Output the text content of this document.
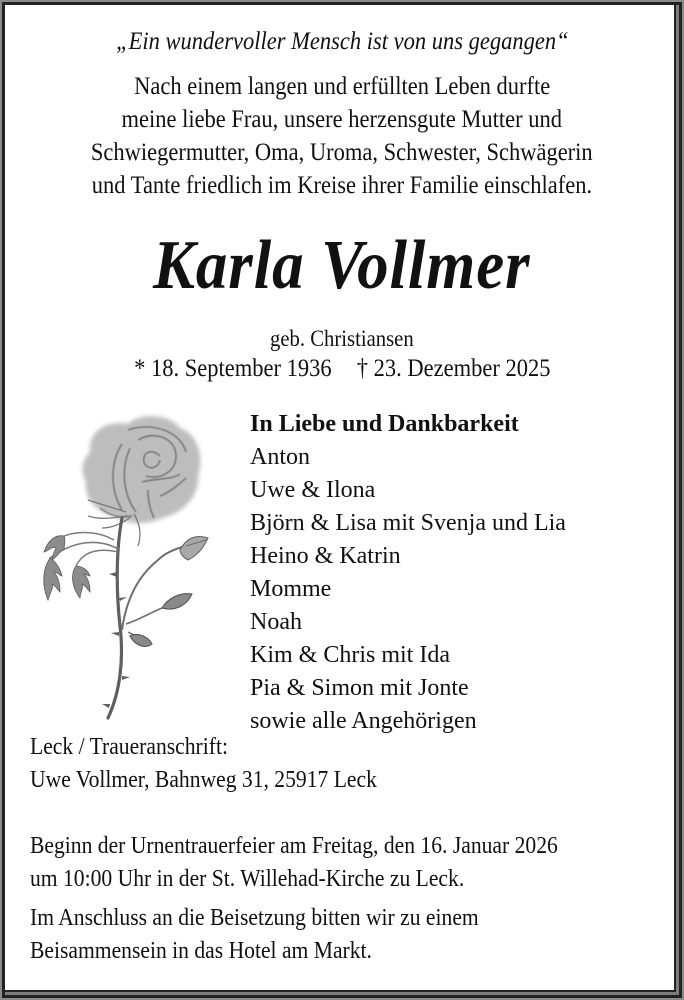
„Ein wundervoller Mensch ist von uns gegangen“
Nach einem langen und erfüllten Leben durfte
meine liebe Frau, unsere herzensgute Mutter und
Schwiegermutter, Oma, Uroma, Schwester, Schwägerin
und Tante friedlich im Kreise ihrer Familie einschlafen.
Karla Vollmer
geb. Christiansen
* 18. September 1936 † 23. Dezember 2025
In Liebe und Dankbarkeit
Anton
Uwe & Ilona
Björn & Lisa mit Svenja und Lia
Heino & Katrin
Momme
Noah
Kim & Chris mit Ida
Pia & Simon mit Jonte
sowie alle Angehörigen
Leck / Traueranschrift:
Uwe Vollmer, Bahnweg 31, 25917 Leck
Beginn der Urnentrauerfeier am Freitag, den 16. Januar 2026
um 10:00 Uhr in der St. Willehad-Kirche zu Leck.
Im Anschluss an die Beisetzung bitten wir zu einem
Beisammensein in das Hotel am Markt.
